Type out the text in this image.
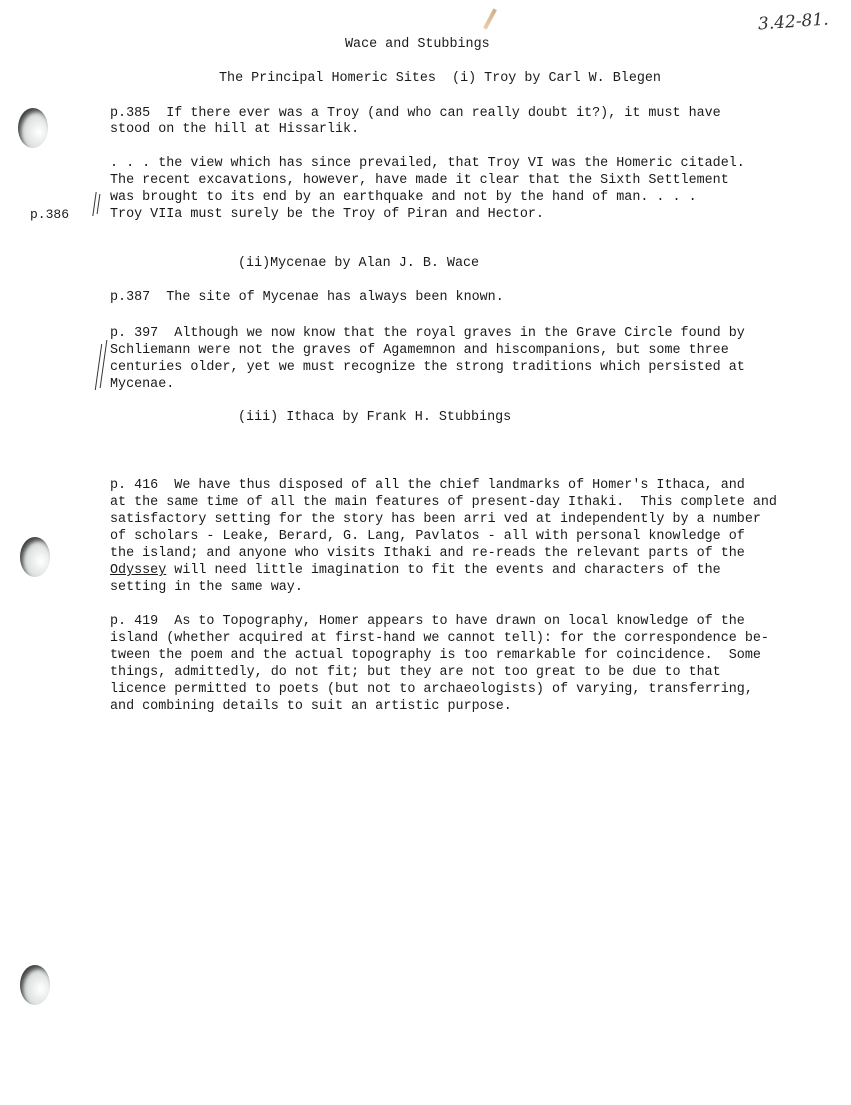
3.42-81.
Wace and Stubbings
The Principal Homeric Sites  (i) Troy by Carl W. Blegen
p.385  If there ever was a Troy (and who can really doubt it?), it must have
stood on the hill at Hissarlik.
. . . the view which has since prevailed, that Troy VI was the Homeric citadel.
The recent excavations, however, have made it clear that the Sixth Settlement
was brought to its end by an earthquake and not by the hand of man. . . .
Troy VIIa must surely be the Troy of Piran and Hector.
p.386
(ii)Mycenae by Alan J. B. Wace
p.387  The site of Mycenae has always been known.
p. 397  Although we now know that the royal graves in the Grave Circle found by
Schliemann were not the graves of Agamemnon and hiscompanions, but some three
centuries older, yet we must recognize the strong traditions which persisted at
Mycenae.
(iii) Ithaca by Frank H. Stubbings
p. 416  We have thus disposed of all the chief landmarks of Homer's Ithaca, and
at the same time of all the main features of present-day Ithaki.  This complete and
satisfactory setting for the story has been arri ved at independently by a number
of scholars - Leake, Berard, G. Lang, Pavlatos - all with personal knowledge of
the island; and anyone who visits Ithaki and re-reads the relevant parts of the
Odyssey will need little imagination to fit the events and characters of the
setting in the same way.
p. 419  As to Topography, Homer appears to have drawn on local knowledge of the
island (whether acquired at first-hand we cannot tell): for the correspondence be-
tween the poem and the actual topography is too remarkable for coincidence.  Some
things, admittedly, do not fit; but they are not too great to be due to that
licence permitted to poets (but not to archaeologists) of varying, transferring,
and combining details to suit an artistic purpose.
